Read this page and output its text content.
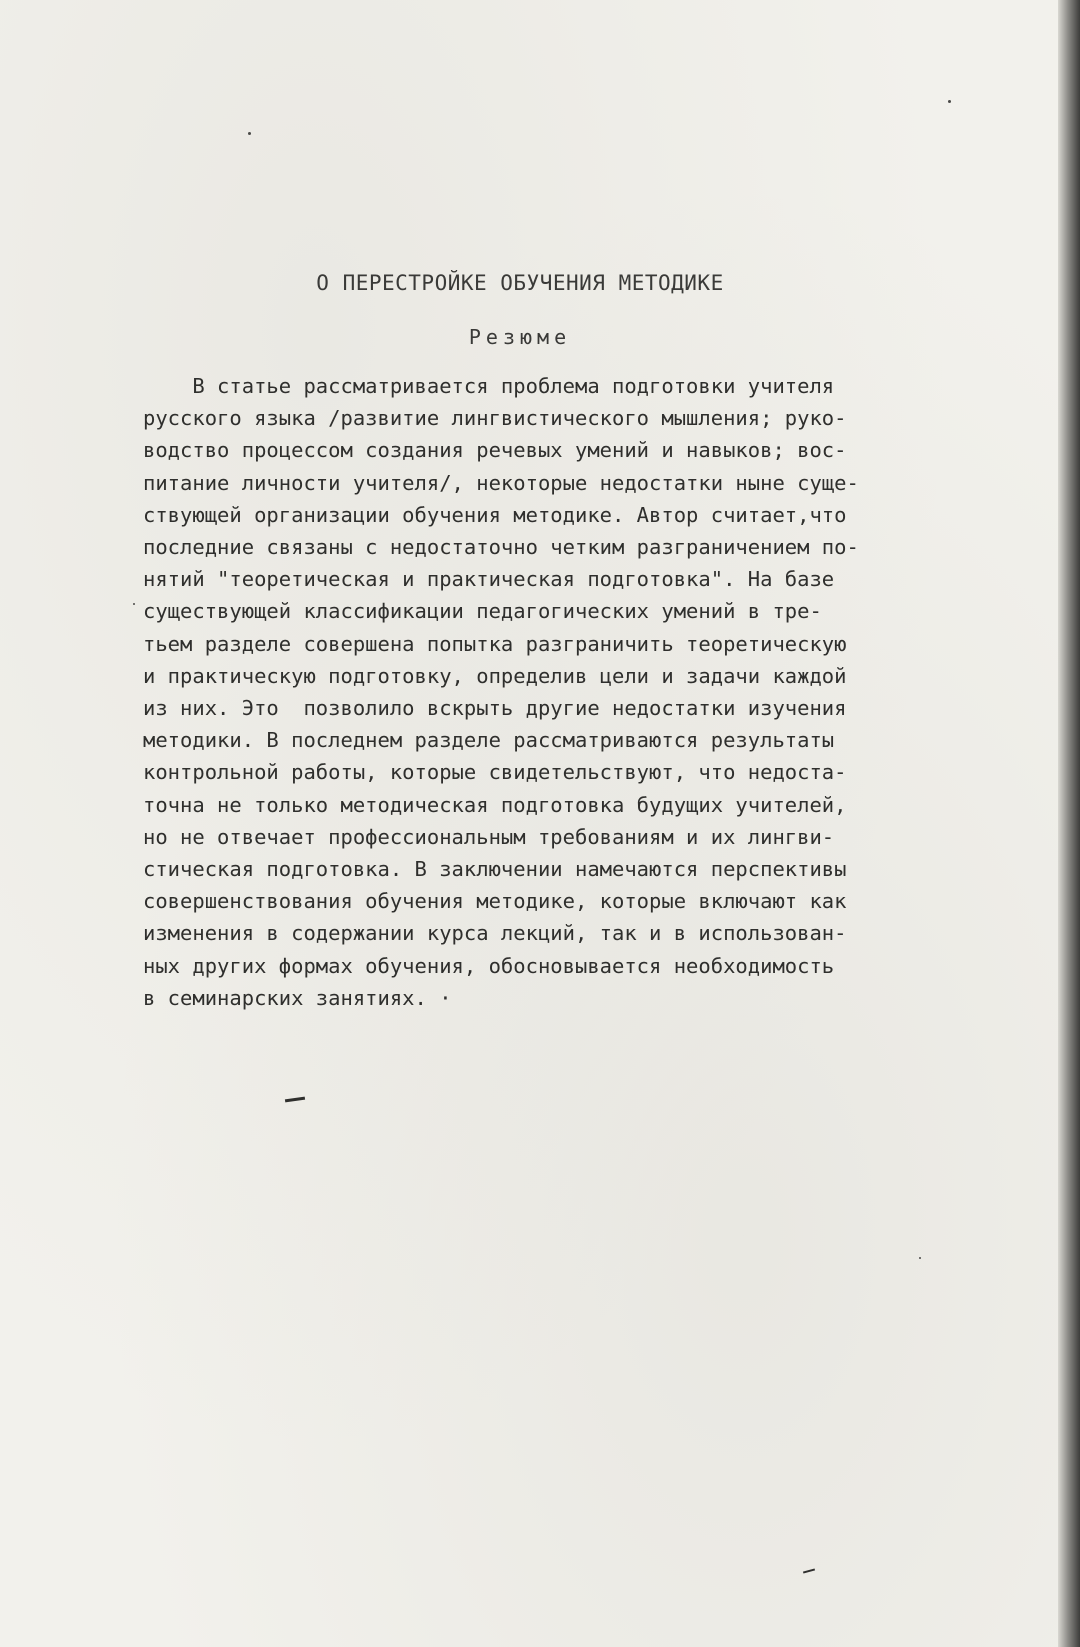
О ПЕРЕСТРОЙКЕ ОБУЧЕНИЯ МЕТОДИКЕ
Резюме
В статье рассматривается проблема подготовки учителя
русского языка /развитие лингвистического мышления; руко-
водство процессом создания речевых умений и навыков; вос-
питание личности учителя/, некоторые недостатки ныне суще-
ствующей организации обучения методике. Автор считает,что
последние связаны с недостаточно четким разграничением по-
нятий "теоретическая и практическая подготовка". На базе
существующей классификации педагогических умений в тре-
тьем разделе совершена попытка разграничить теоретическую
и практическую подготовку, определив цели и задачи каждой
из них. Это  позволило вскрыть другие недостатки изучения
методики. В последнем разделе рассматриваются результаты
контрольной работы, которые свидетельствуют, что недоста-
точна не только методическая подготовка будущих учителей,
но не отвечает профессиональным требованиям и их лингви-
стическая подготовка. В заключении намечаются перспективы
совершенствования обучения методике, которые включают как
изменения в содержании курса лекций, так и в использован-
ных других формах обучения, обосновывается необходимость
в семинарских занятиях. ·
